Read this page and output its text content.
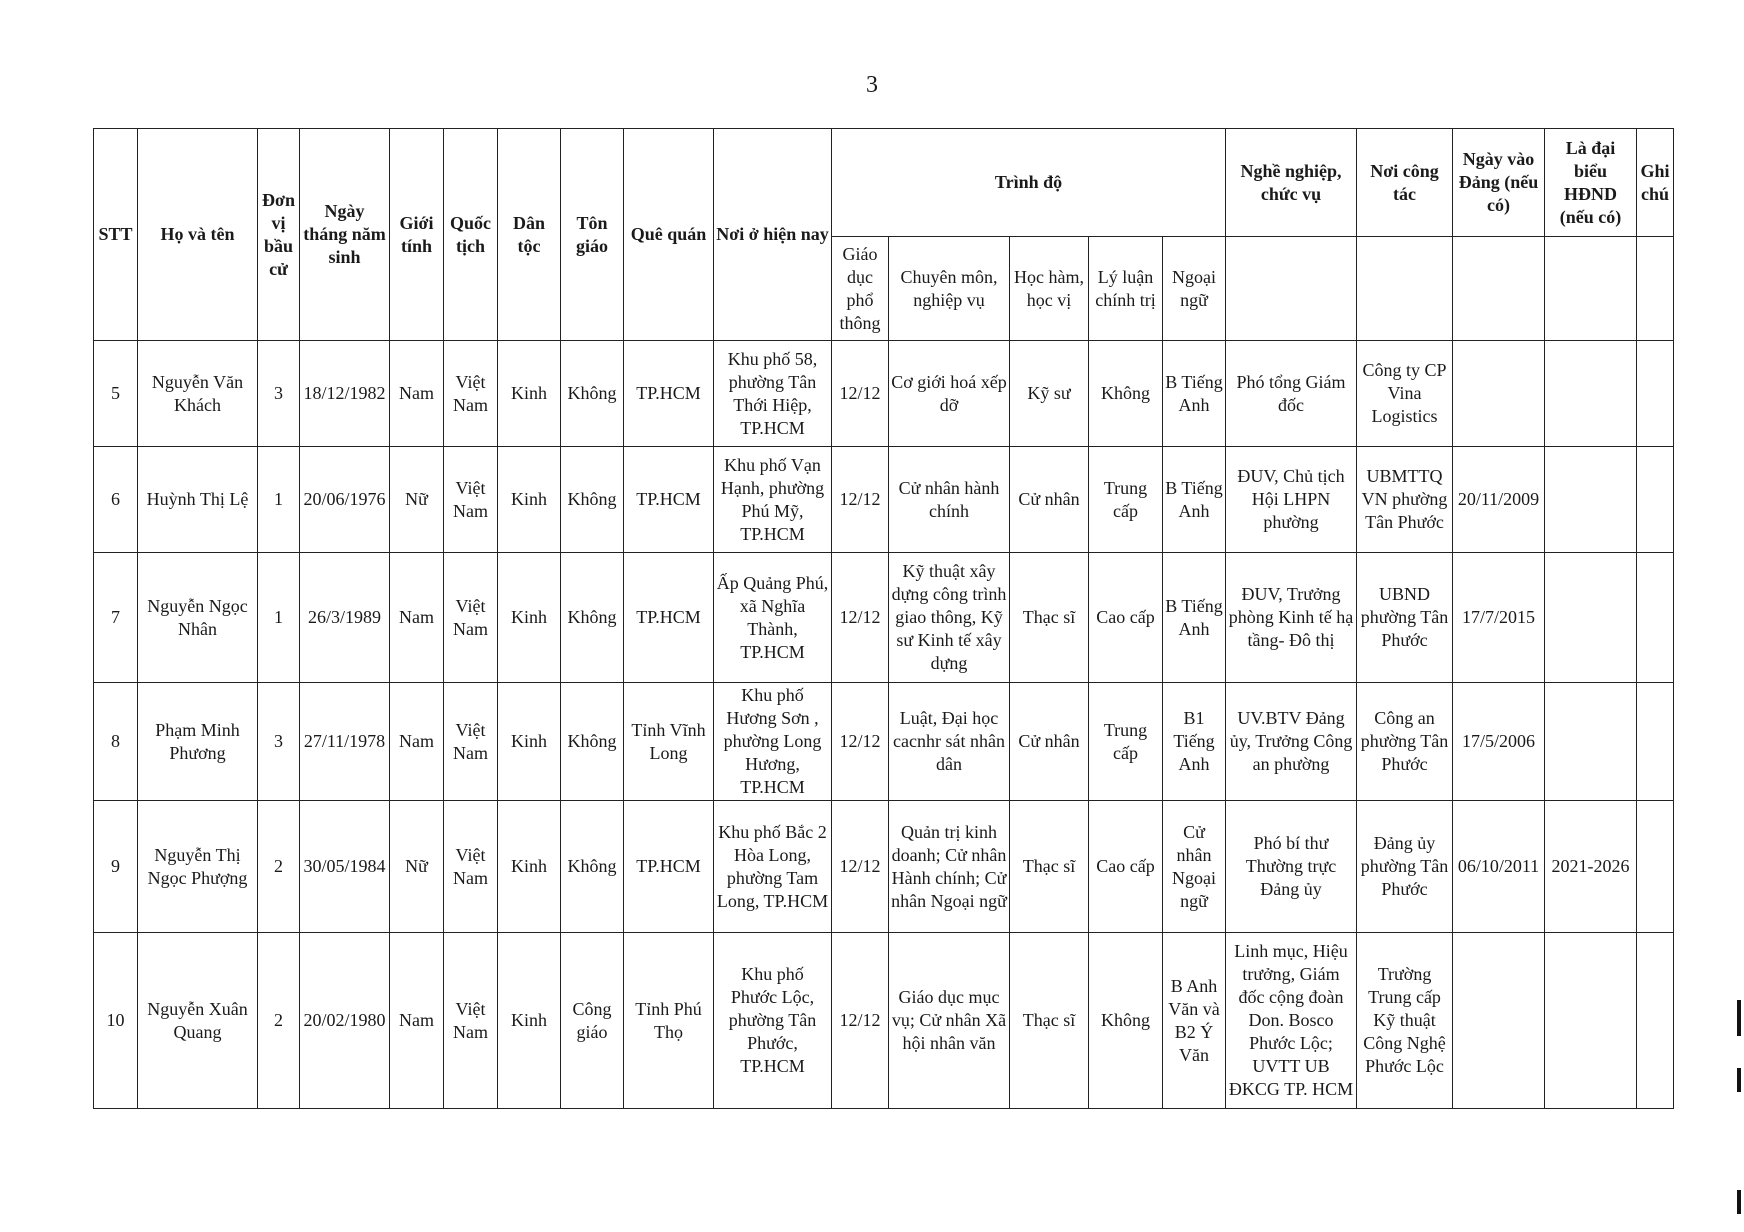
3
STT	Họ và tên	Đơn vị bầu cử	Ngày tháng năm sinh	Giới tính	Quốc tịch	Dân tộc	Tôn giáo	Quê quán	Nơi ở hiện nay	Trình độ					Nghề nghiệp, chức vụ	Nơi công tác	Ngày vào Đảng (nếu có)	Là đại biểu HĐND (nếu có)	Ghi chú
										Giáo dục phổ thông	Chuyên môn, nghiệp vụ	Học hàm, học vị	Lý luận chính trị	Ngoại ngữ					
5	Nguyễn Văn Khách	3	18/12/1982	Nam	Việt Nam	Kinh	Không	TP.HCM	Khu phố 58, phường Tân Thới Hiệp, TP.HCM	12/12	Cơ giới hoá xếp dỡ	Kỹ sư	Không	B Tiếng Anh	Phó tổng Giám đốc	Công ty CP Vina Logistics			
6	Huỳnh Thị Lệ	1	20/06/1976	Nữ	Việt Nam	Kinh	Không	TP.HCM	Khu phố Vạn Hạnh, phường Phú Mỹ, TP.HCM	12/12	Cử nhân hành chính	Cử nhân	Trung cấp	B Tiếng Anh	ĐUV, Chủ tịch Hội LHPN phường	UBMTTQ VN phường Tân Phước	20/11/2009		
7	Nguyễn Ngọc Nhân	1	26/3/1989	Nam	Việt Nam	Kinh	Không	TP.HCM	Ấp Quảng Phú, xã Nghĩa Thành, TP.HCM	12/12	Kỹ thuật xây dựng công trình giao thông, Kỹ sư Kinh tế xây dựng	Thạc sĩ	Cao cấp	B Tiếng Anh	ĐUV, Trưởng phòng Kinh tế hạ tầng- Đô thị	UBND phường Tân Phước	17/7/2015		
8	Phạm Minh Phương	3	27/11/1978	Nam	Việt Nam	Kinh	Không	Tỉnh Vĩnh Long	Khu phố Hương Sơn , phường Long Hương, TP.HCM	12/12	Luật, Đại học cacnhr sát nhân dân	Cử nhân	Trung cấp	B1 Tiếng Anh	UV.BTV Đảng ủy, Trưởng Công an phường	Công an phường Tân Phước	17/5/2006		
9	Nguyễn Thị Ngọc Phượng	2	30/05/1984	Nữ	Việt Nam	Kinh	Không	TP.HCM	Khu phố Bắc 2 Hòa Long, phường Tam Long, TP.HCM	12/12	Quản trị kinh doanh; Cử nhân Hành chính; Cử nhân Ngoại ngữ	Thạc sĩ	Cao cấp	Cử nhân Ngoại ngữ	Phó bí thư Thường trực Đảng ủy	Đảng ủy phường Tân Phước	06/10/2011	2021-2026	
10	Nguyễn Xuân Quang	2	20/02/1980	Nam	Việt Nam	Kinh	Công giáo	Tỉnh Phú Thọ	Khu phố Phước Lộc, phường Tân Phước, TP.HCM	12/12	Giáo dục mục vụ; Cử nhân Xã hội nhân văn	Thạc sĩ	Không	B Anh Văn và B2 Ý Văn	Linh mục, Hiệu trưởng, Giám đốc cộng đoàn Don. Bosco Phước Lộc; UVTT UB ĐKCG TP. HCM	Trường Trung cấp Kỹ thuật Công Nghệ Phước Lộc			
